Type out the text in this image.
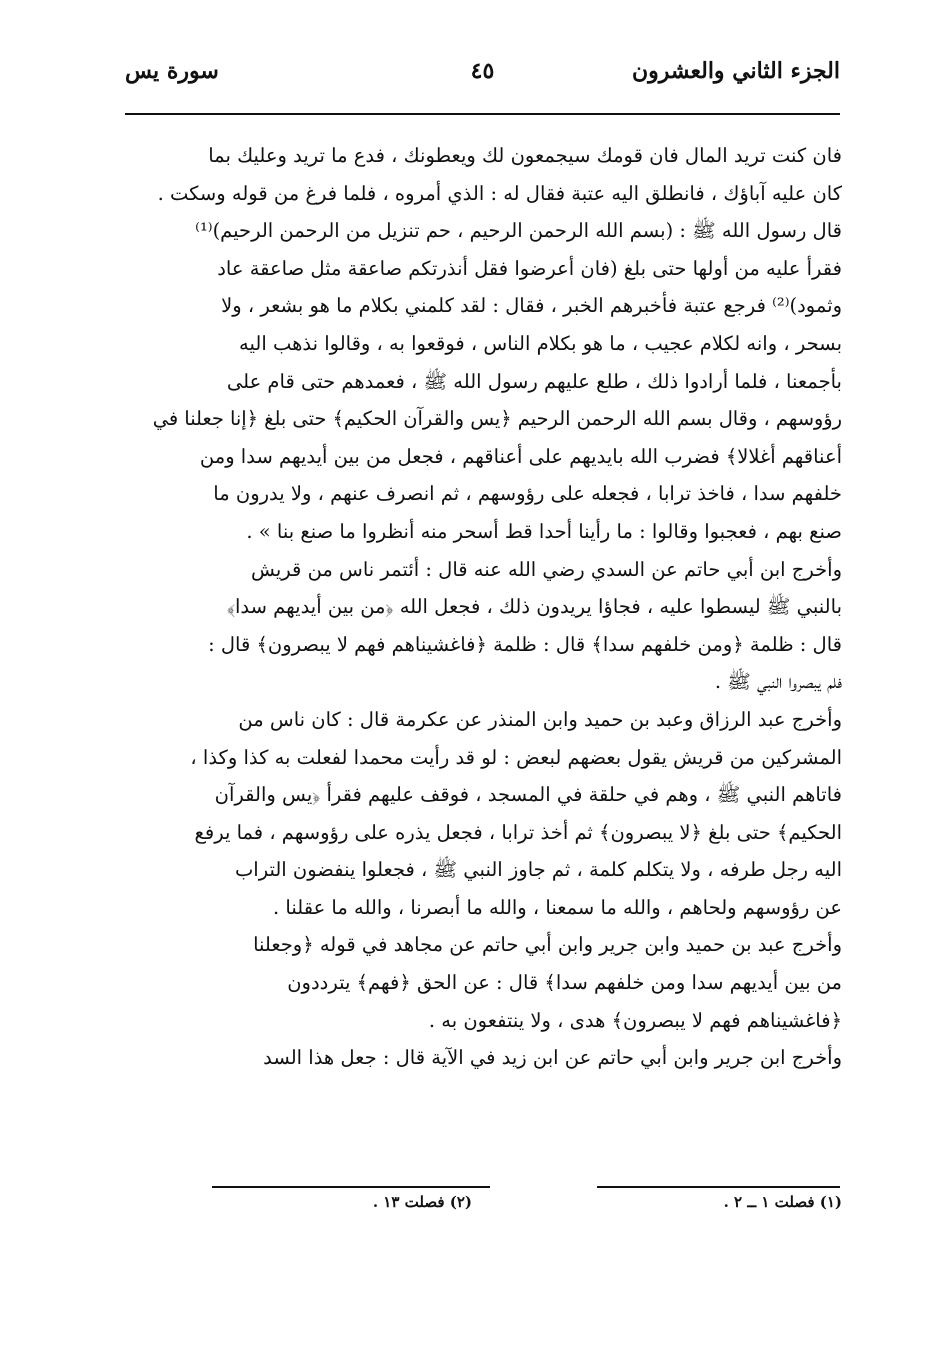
الجزء الثاني والعشرون
٤٥
سورة يس
فان كنت تريد المال فان قومك سيجمعون لك ويعطونك ، فدع ما تريد وعليك بما
كان عليه آباؤك ، فانطلق اليه عتبة فقال له : الذي أمروه ، فلما فرغ من قوله وسكت .
قال رسول الله ﷺ : (بسم الله الرحمن الرحيم ، حم تنزيل من الرحمن الرحيم)⁽¹⁾
فقرأ عليه من أولها حتى بلغ (فان أعرضوا فقل أنذرتكم صاعقة مثل صاعقة عاد
وثمود)⁽²⁾ فرجع عتبة فأخبرهم الخبر ، فقال : لقد كلمني بكلام ما هو بشعر ، ولا
بسحر ، وانه لكلام عجيب ، ما هو بكلام الناس ، فوقعوا به ، وقالوا نذهب اليه
بأجمعنا ، فلما أرادوا ذلك ، طلع عليهم رسول الله ﷺ ، فعمدهم حتى قام على
رؤوسهم ، وقال بسم الله الرحمن الرحيم ﴿يس والقرآن الحكيم﴾ حتى بلغ ﴿إنا جعلنا في
أعناقهم أغلالا﴾ فضرب الله بايديهم على أعناقهم ، فجعل من بين أيديهم سدا ومن
خلفهم سدا ، فاخذ ترابا ، فجعله على رؤوسهم ، ثم انصرف عنهم ، ولا يدرون ما
صنع بهم ، فعجبوا وقالوا : ما رأينا أحدا قط أسحر منه أنظروا ما صنع بنا » .
وأخرج ابن أبي حاتم عن السدي رضي الله عنه قال : أئتمر ناس من قريش
بالنبي ﷺ ليسطوا عليه ، فجاؤا يريدون ذلك ، فجعل الله ﴿من بين أيديهم سدا﴾
قال : ظلمة ﴿ومن خلفهم سدا﴾ قال : ظلمة ﴿فاغشيناهم فهم لا يبصرون﴾ قال :
فلم يبصروا النبي ﷺ .
وأخرج عبد الرزاق وعبد بن حميد وابن المنذر عن عكرمة قال : كان ناس من
المشركين من قريش يقول بعضهم لبعض : لو قد رأيت محمدا لفعلت به كذا وكذا ،
فاتاهم النبي ﷺ ، وهم في حلقة في المسجد ، فوقف عليهم فقرأ ﴿يس والقرآن
الحكيم﴾ حتى بلغ ﴿لا يبصرون﴾ ثم أخذ ترابا ، فجعل يذره على رؤوسهم ، فما يرفع
اليه رجل طرفه ، ولا يتكلم كلمة ، ثم جاوز النبي ﷺ ، فجعلوا ينفضون التراب
عن رؤوسهم ولحاهم ، والله ما سمعنا ، والله ما أبصرنا ، والله ما عقلنا .
وأخرج عبد بن حميد وابن جرير وابن أبي حاتم عن مجاهد في قوله ﴿وجعلنا
من بين أيديهم سدا ومن خلفهم سدا﴾ قال : عن الحق ﴿فهم﴾ يترددون
﴿فاغشيناهم فهم لا يبصرون﴾ هدى ، ولا ينتفعون به .
وأخرج ابن جرير وابن أبي حاتم عن ابن زيد في الآية قال : جعل هذا السد
(١) فصلت ١ ــ ٢ .
(٢) فصلت ١٣ .
